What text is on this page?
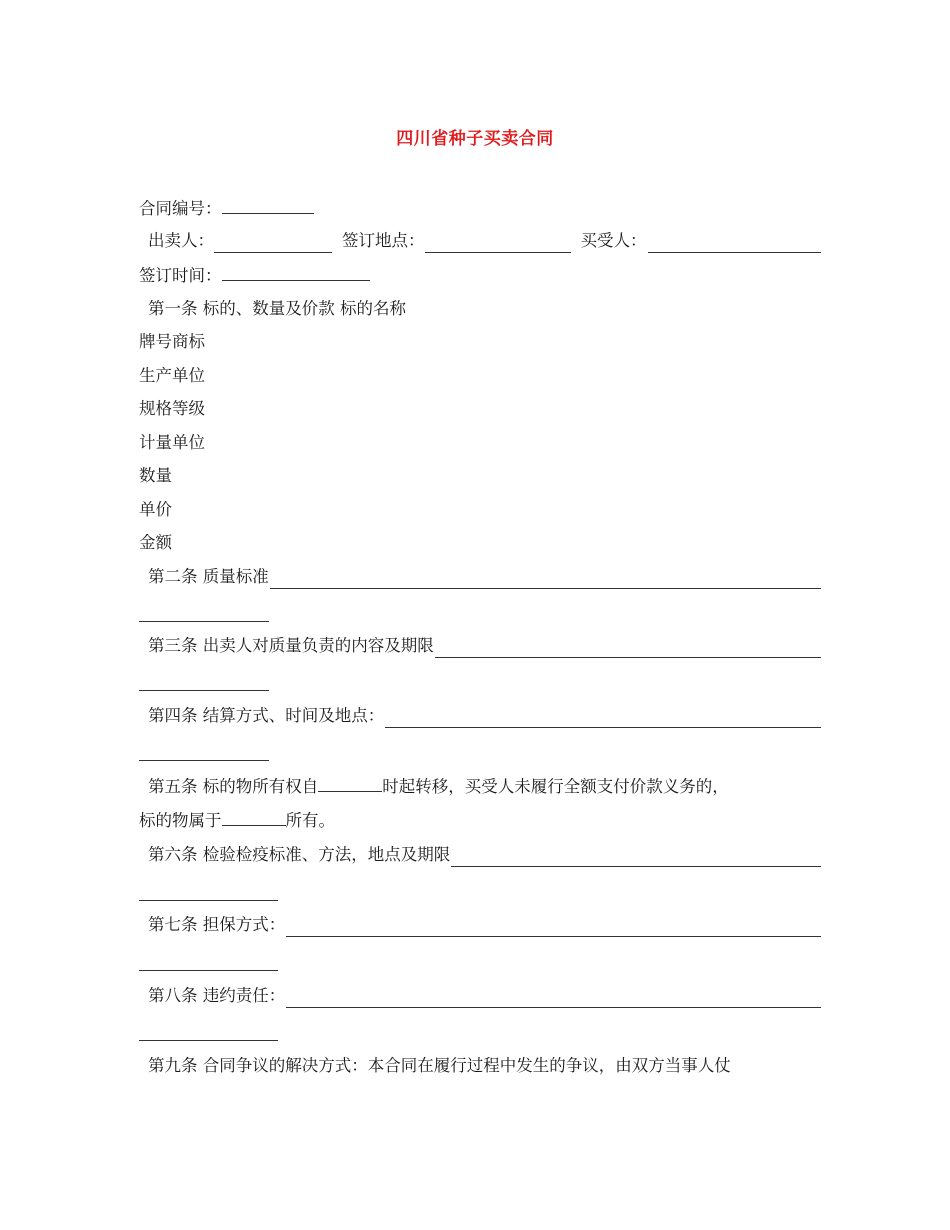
四川省种子买卖合同
合同编号：
出卖人：	签订地点：	买受人：
签订时间：
第一条 标的、数量及价款 标的名称
牌号商标
生产单位
规格等级
计量单位
数量
单价
金额
第二条 质量标准
第三条 出卖人对质量负责的内容及期限
第四条 结算方式、时间及地点：
第五条 标的物所有权自	时起转移，买受人未履行全额支付价款义务的，
标的物属于	所有。
第六条 检验检疫标准、方法，地点及期限
第七条 担保方式：
第八条 违约责任：
第九条 合同争议的解决方式：本合同在履行过程中发生的争议，由双方当事人仗
